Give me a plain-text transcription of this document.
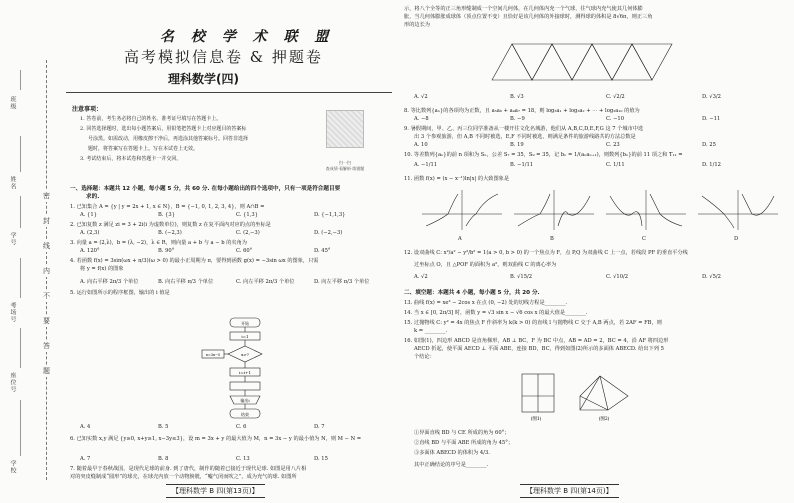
班级
姓名
学号
考场号
座位号
学校
密
封
线
内
不
要
答
题
名 校 学 术 联 盟
高考模拟信息卷 & 押题卷
理科数学(四)
注意事项：
1. 答卷前，考生务必将自己的姓名、准考证号填写在答题卡上。
2. 回答选择题时，选出每小题答案后，用铅笔把答题卡上对应题目的答案标
号涂黑。如需改动，用橡皮擦干净后，再选涂其他答案标号。回答非选择
题时，将答案写在答题卡上。写在本试卷上无效。
3. 考试结束后，将本试卷和答题卡一并交回。
扫一扫
查成绩·看解析·练错题
一、选择题：本题共 12 小题，每小题 5 分，共 60 分. 在每小题给出的四个选项中，只有一项是符合题目要
求的.
1. 已知集合 A = {y | y = 2x + 1, x ∈ N}，B = {−1, 0, 1, 2, 3, 4}，则 A∩B =
A. {1}	B. {3}	C. {1,3}	D. {−1,1,3}
2. 已知复数 z 满足 zi = 3 + 2i(i 为虚数单位)，则复数 z 在复平面内对应的点的坐标是
A. (2,3)	B. (−2,3)	C. (2,−3)	D. (−2,−3)
3. 向量 a = (2,λ)，b = (λ, −2)，λ ∈ R，则向量 a + b 与 a − b 的夹角为
A. 120°	B. 90°	C. 60°	D. 45°
4. 若函数 f(x) = 3sin(ωx + π/3)(ω > 0) 的最小正周期为 π，要得到函数 g(x) = −3sin ωx 的图象，只需
将 y = f(x) 的图象
A. 向右平移 2π/3 个单位	B. 向右平移 π/3 个单位	C. 向左平移 2π/3 个单位	D. 向左平移 π/3 个单位
5. 运行如图所示的程序框图，输出的 i 值是
开始
i=1
x>?
x=3x−5
i=i+1
输出i
结束
A. 4	B. 5	C. 6	D. 7
6. 已知实数 x,y 满足 {y≥0, x+y≥1, x−3y≤3}，设 m = 3x + y 的最大值为 M，n = 3x − y 的最小值为 N，则 M − N =
A. 7	B. 8	C. 13	D. 15
7. 随着最早于春秋战国，是现代足球的前身. 到了唐代，制作的随着已接近于现代足球. 如图是用八片相
对的突皮缝制成“圆形”的球壳，在球壳内放一个动物膀胱，“嘘气闭而吹之”，成为充气的球. 如图所
【理科数学 B 四(第13页)】
示，将八个全等的正三角形缝制成一个空间几何体，在几何体内充一个气球，往气球内充气使其几何体膨
胀，当几何体膨胀成球体（顶点位置不变）且恰好是该几何体的外接球时，测得球的体积是 8√6π，则正三角
形的边长为
A. √2	B. √3	C. √2/2	D. √3/2
8. 等比数列{aₙ}的各项均为正数，且 a₅a₆ + a₄a₇ = 18，则 log₃a₁ + log₃a₂ + ⋯ + log₃a₁₀ 的值为
A. −8	B. −9	C. −10	D. −11
9. 暑假期间，甲、乙、丙三位同学准备从一楼开往文化名城游，他们从 A,B,C,D,E,F,G 这 7 个城市中选
出 3 个参观旅游，但 A,B 不同时被选，E,F 不同时被选，则满足条件的旅游线路共的方法总数是
A. 10	B. 19	C. 23	D. 25
10. 等差数列{aₙ}的前 n 项和为 Sₙ，公差 S₇ = 35，S₉ = 35，记 bₙ = 1/(aₙaₙ₊₁)，则数列{bₙ}的前 11 项之和 T₁₁ =
A. −1/11	B. −1/11	C. 1/11	D. 1/12
11. 函数 f(x) = (x − x⁻¹)ln|x| 的大致图象是
A	B	C	D
12. 设双曲线 C: x²/a² − y²/b² = 1(a > 0, b > 0) 的一个焦点为 F，点 P,Q 为双曲线 C 上一点，若线段 PF 的垂直平分线
过坐标点 O，且 △POF 的面积为 a²，则双曲线 C 的离心率为
A. √2	B. √15/2	C. √10/2	D. √5/2
二、填空题：本题共 4 小题，每小题 5 分，共 20 分.
13. 曲线 f(x) = xe³ − 2cos x 在点 (0, −2) 处的切线方程是________.
14. 当 x ∈ [0, 2π/3] 时，函数 y = √3 sin x − √6 cos x 的最大值是________.
15. 过抛物线 C: y² = 4x 的焦点 F 作斜率为 k(k > 0) 的直线 l 与抛物线 C 交于 A,B 两点，若 2AF = FB，则
k = ________.
16. 如图(1)，四边形 ABCD 是直角梯形，AB ⊥ BC，F 为 BC 中点，AB = AD = 2，BC = 4，沿 AF 将四边形
AECD 折起，使平面 AECD ⊥ 平面 ABE，连接 BD，BC，得到如图(2)所示的多面体 ABECD. 给出下列 5
个结论：
(图1)	(图2)
①异面直线 BD 与 CE 所成的角为 60°；
②直线 BD 与平面 ABE 所成的角为 45°；
③多面体 ABECD 的体积为 4/3.
其中正确结论的序号是________.
【理科数学 B 四(第14页)】
